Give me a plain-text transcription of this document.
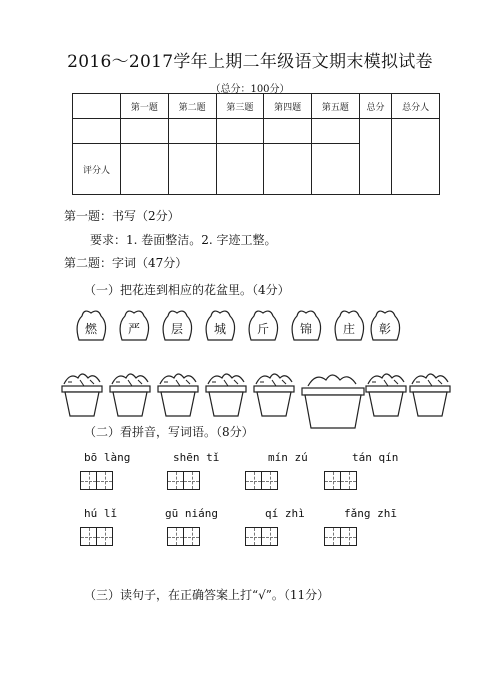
2016～2017学年上期二年级语文期末模拟试卷
（总分：100分）
	第一题	第二题	第三题	第四题	第五题	总分	总分人

评分人							
第一题：书写（2分）
要求：1. 卷面整洁。2. 字迹工整。
第二题：字词（47分）
（一）把花连到相应的花盆里。（4分）
燃	严	层	城	斤	锦	庄 彰
（二）看拼音，写词语。（8分）
bō làng	shēn tǐ	mín zú	tán qín
hú lǐ	gū niáng	qí zhì	fǎng zhī
（三）读句子，在正确答案上打“√”。（11分）
